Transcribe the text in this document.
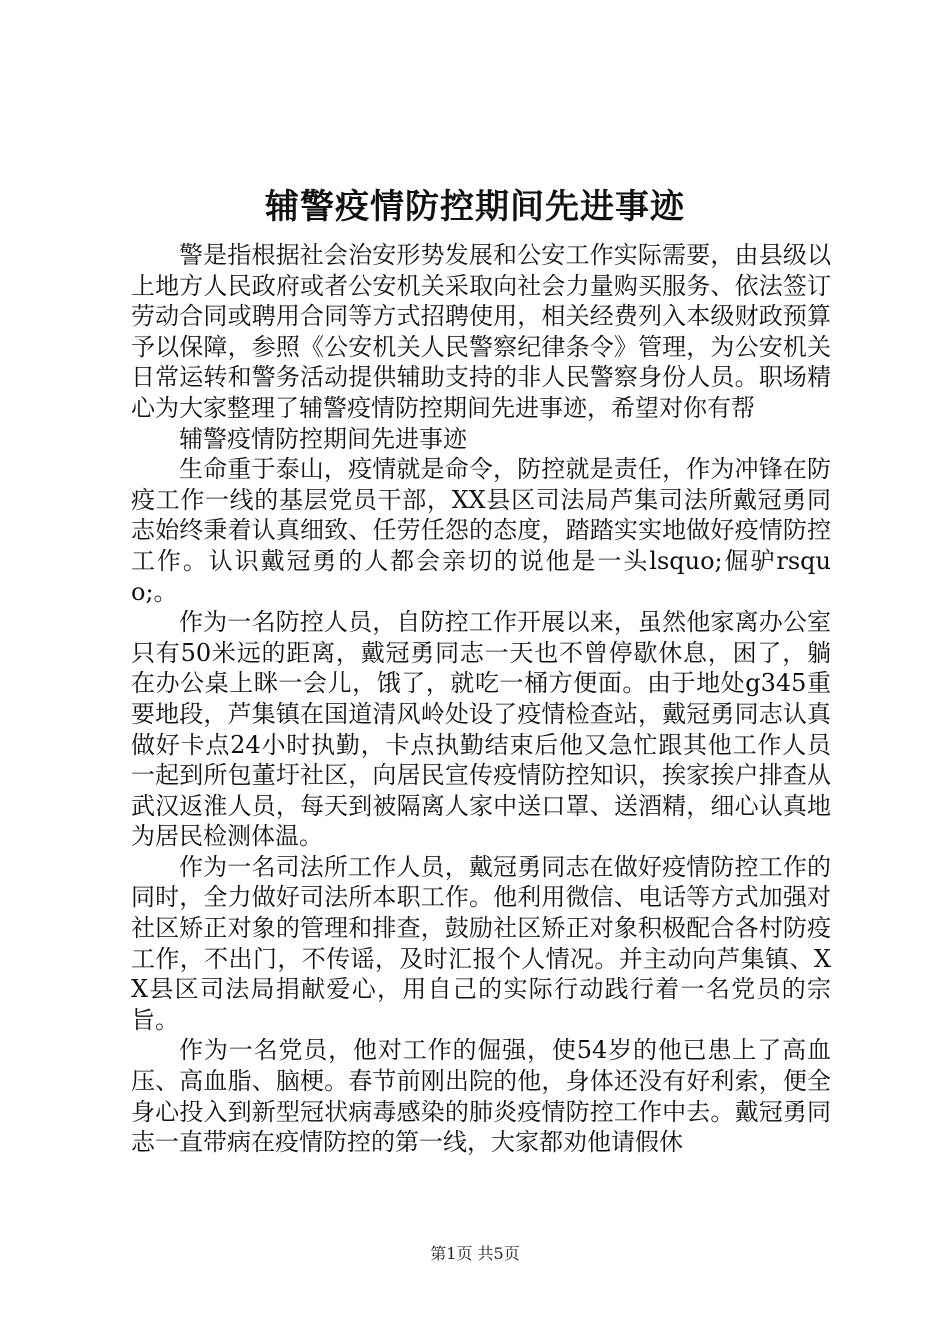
辅警疫情防控期间先进事迹

警是指根据社会治安形势发展和公安工作实际需要，由县级以上地方人民政府或者公安机关采取向社会力量购买服务、依法签订劳动合同或聘用合同等方式招聘使用，相关经费列入本级财政预算予以保障，参照《公安机关人民警察纪律条令》管理，为公安机关日常运转和警务活动提供辅助支持的非人民警察身份人员。职场精心为大家整理了辅警疫情防控期间先进事迹，希望对你有帮

辅警疫情防控期间先进事迹

生命重于泰山，疫情就是命令，防控就是责任，作为冲锋在防疫工作一线的基层党员干部，XX县区司法局芦集司法所戴冠勇同志始终秉着认真细致、任劳任怨的态度，踏踏实实地做好疫情防控工作。认识戴冠勇的人都会亲切的说他是一头lsquo;倔驴rsquo;。

作为一名防控人员，自防控工作开展以来，虽然他家离办公室只有50米远的距离，戴冠勇同志一天也不曾停歇休息，困了，躺在办公桌上眯一会儿，饿了，就吃一桶方便面。由于地处g345重要地段，芦集镇在国道清风岭处设了疫情检查站，戴冠勇同志认真做好卡点24小时执勤，卡点执勤结束后他又急忙跟其他工作人员一起到所包董圩社区，向居民宣传疫情防控知识，挨家挨户排查从武汉返淮人员，每天到被隔离人家中送口罩、送酒精，细心认真地为居民检测体温。

作为一名司法所工作人员，戴冠勇同志在做好疫情防控工作的同时，全力做好司法所本职工作。他利用微信、电话等方式加强对社区矫正对象的管理和排查，鼓励社区矫正对象积极配合各村防疫工作，不出门，不传谣，及时汇报个人情况。并主动向芦集镇、XX县区司法局捐献爱心，用自己的实际行动践行着一名党员的宗旨。

作为一名党员，他对工作的倔强，使54岁的他已患上了高血压、高血脂、脑梗。春节前刚出院的他，身体还没有好利索，便全身心投入到新型冠状病毒感染的肺炎疫情防控工作中去。戴冠勇同志一直带病在疫情防控的第一线，大家都劝他请假休

第1页 共5页
